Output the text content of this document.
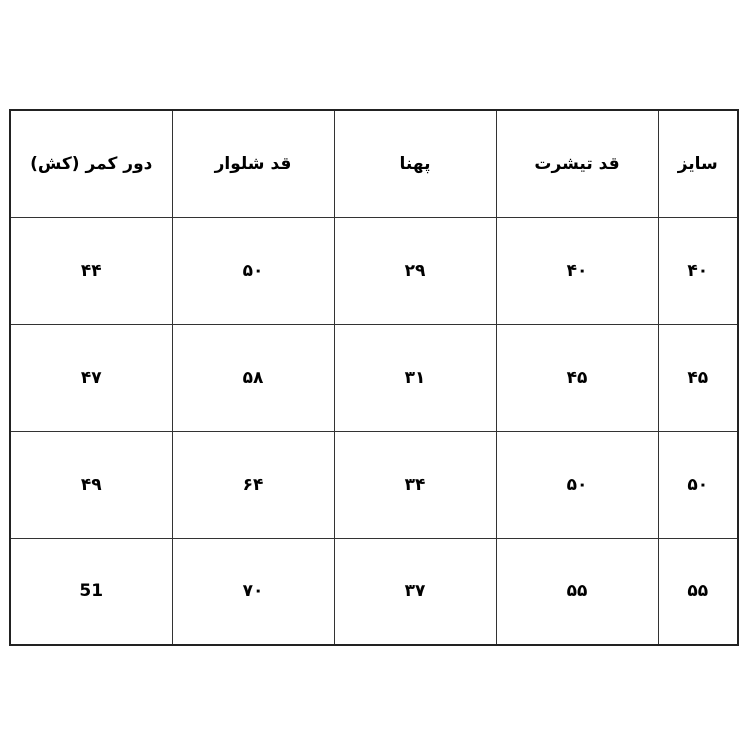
دور کمر (کش)	قد شلوار	پهنا	قد تیشرت	سایز
۴۴	۵۰	۲۹	۴۰	۴۰
۴۷	۵۸	۳۱	۴۵	۴۵
۴۹	۶۴	۳۴	۵۰	۵۰
51	۷۰	۳۷	۵۵	۵۵
